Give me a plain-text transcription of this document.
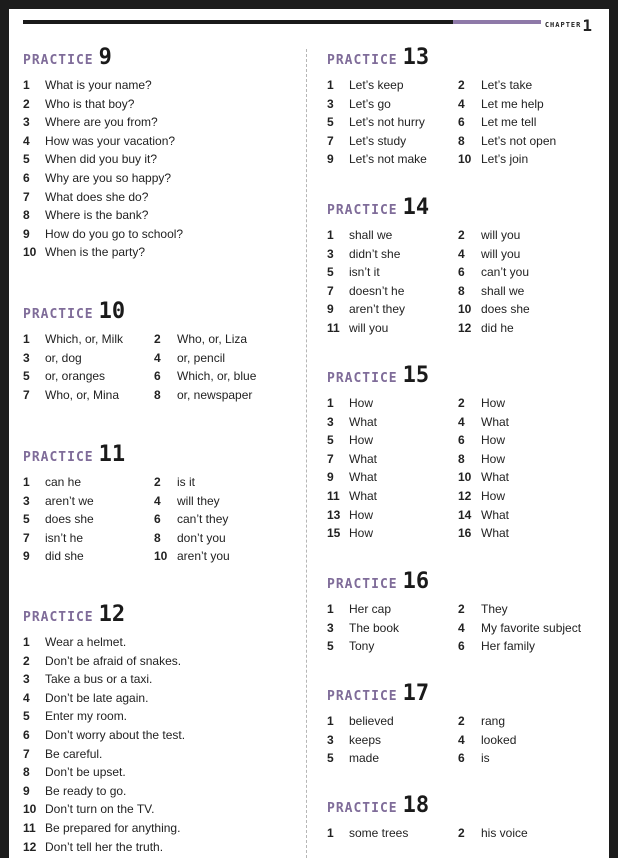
CHAPTER1
PRACTICE 9
1 What is your name?
2 Who is that boy?
3 Where are you from?
4 How was your vacation?
5 When did you buy it?
6 Why are you so happy?
7 What does she do?
8 Where is the bank?
9 How do you go to school?
10 When is the party?
PRACTICE 10
1 Which, or, Milk	2 Who, or, Liza
3 or, dog	4 or, pencil
5 or, oranges	6 Which, or, blue
7 Who, or, Mina	8 or, newspaper
PRACTICE 11
1 can he	2 is it
3 aren’t we	4 will they
5 does she	6 can’t they
7 isn’t he	8 don’t you
9 did she	10 aren’t you
PRACTICE 12
1 Wear a helmet.
2 Don’t be afraid of snakes.
3 Take a bus or a taxi.
4 Don’t be late again.
5 Enter my room.
6 Don’t worry about the test.
7 Be careful.
8 Don’t be upset.
9 Be ready to go.
10 Don’t turn on the TV.
11 Be prepared for anything.
12 Don’t tell her the truth.
PRACTICE 13
1 Let’s keep	2 Let’s take
3 Let’s go	4 Let me help
5 Let’s not hurry	6 Let me tell
7 Let’s study	8 Let’s not open
9 Let’s not make	10 Let’s join
PRACTICE 14
1 shall we	2 will you
3 didn’t she	4 will you
5 isn’t it	6 can’t you
7 doesn’t he	8 shall we
9 aren’t they	10 does she
11 will you	12 did he
PRACTICE 15
1 How	2 How
3 What	4 What
5 How	6 How
7 What	8 How
9 What	10 What
11 What	12 How
13 How	14 What
15 How	16 What
PRACTICE 16
1 Her cap	2 They
3 The book	4 My favorite subject
5 Tony	6 Her family
PRACTICE 17
1 believed	2 rang
3 keeps	4 looked
5 made	6 is
PRACTICE 18
1 some trees	2 his voice
